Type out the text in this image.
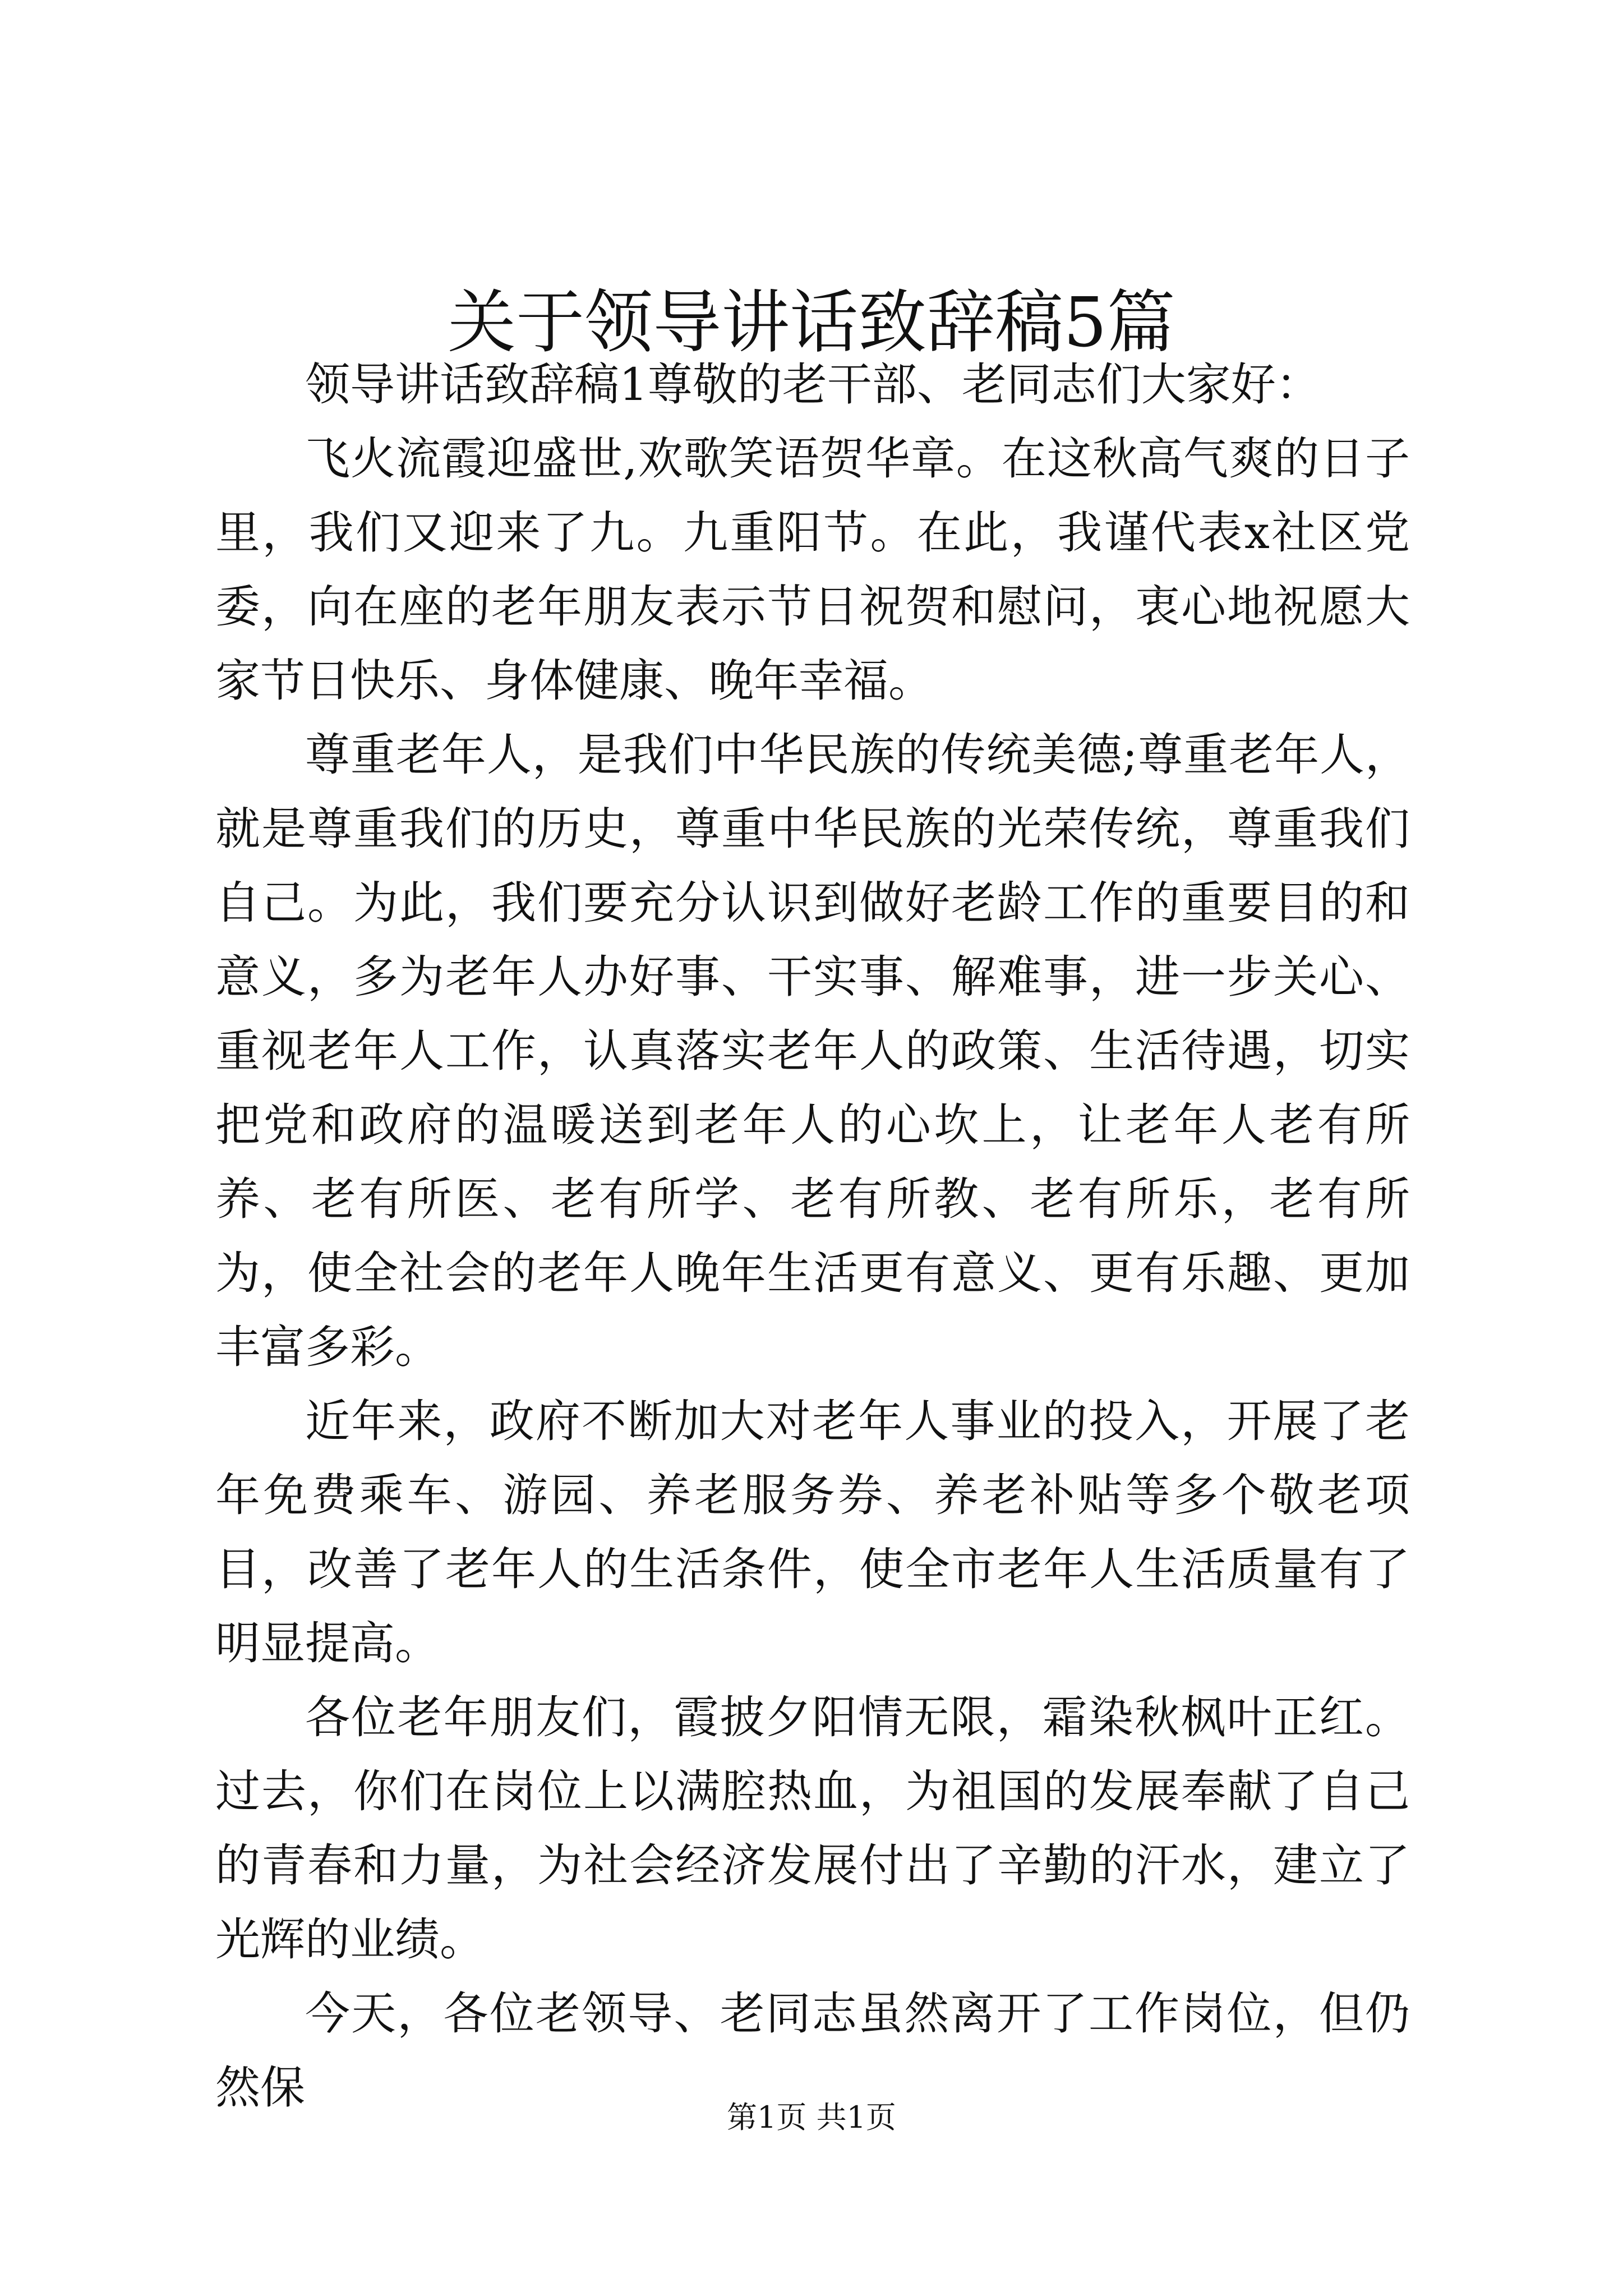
关于领导讲话致辞稿5篇

领导讲话致辞稿1尊敬的老干部、老同志们大家好：

飞火流霞迎盛世,欢歌笑语贺华章。在这秋高气爽的日子里，我们又迎来了九。九重阳节。在此，我谨代表x社区党委，向在座的老年朋友表示节日祝贺和慰问，衷心地祝愿大家节日快乐、身体健康、晚年幸福。

尊重老年人，是我们中华民族的传统美德;尊重老年人，就是尊重我们的历史，尊重中华民族的光荣传统，尊重我们自己。为此，我们要充分认识到做好老龄工作的重要目的和意义，多为老年人办好事、干实事、解难事，进一步关心、重视老年人工作，认真落实老年人的政策、生活待遇，切实把党和政府的温暖送到老年人的心坎上，让老年人老有所养、老有所医、老有所学、老有所教、老有所乐，老有所为，使全社会的老年人晚年生活更有意义、更有乐趣、更加丰富多彩。

近年来，政府不断加大对老年人事业的投入，开展了老年免费乘车、游园、养老服务券、养老补贴等多个敬老项目，改善了老年人的生活条件，使全市老年人生活质量有了明显提高。

各位老年朋友们，霞披夕阳情无限，霜染秋枫叶正红。过去，你们在岗位上以满腔热血，为祖国的发展奉献了自己的青春和力量，为社会经济发展付出了辛勤的汗水，建立了光辉的业绩。

今天，各位老领导、老同志虽然离开了工作岗位，但仍然保

第1页 共1页
